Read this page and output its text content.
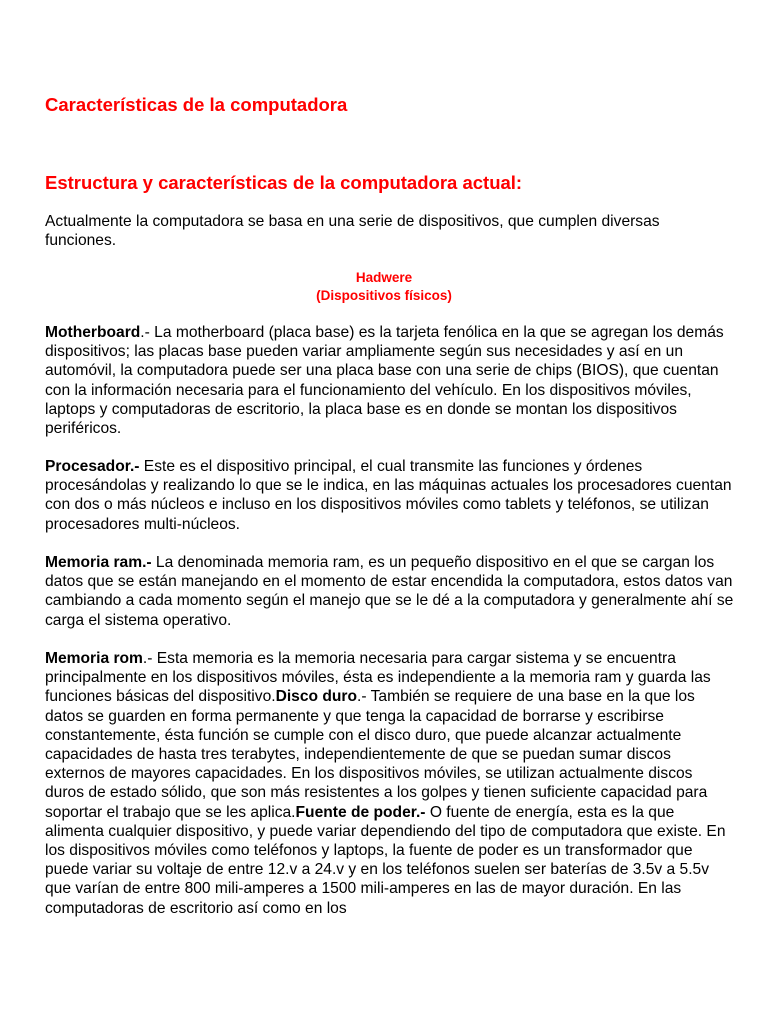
Características de la computadora
Estructura y características de la computadora actual:
Actualmente la computadora se basa en una serie de dispositivos, que cumplen diversas funciones.
Hadwere
(Dispositivos físicos)
Motherboard.- La motherboard (placa base) es la tarjeta fenólica en la que se agregan los demás dispositivos; las placas base pueden variar ampliamente según sus necesidades y así en un automóvil, la computadora puede ser una placa base con una serie de chips (BIOS), que cuentan con la información necesaria para el funcionamiento del vehículo. En los dispositivos móviles, laptops y computadoras de escritorio, la placa base es en donde se montan los dispositivos periféricos.
Procesador.- Este es el dispositivo principal, el cual transmite las funciones y órdenes procesándolas y realizando lo que se le indica, en las máquinas actuales los procesadores cuentan con dos o más núcleos e incluso en los dispositivos móviles como tablets y teléfonos, se utilizan procesadores multi-núcleos.
Memoria ram.- La denominada memoria ram, es un pequeño dispositivo en el que se cargan los datos que se están manejando en el momento de estar encendida la computadora, estos datos van cambiando a cada momento según el manejo que se le dé a la computadora y generalmente ahí se carga el sistema operativo.
Memoria rom.- Esta memoria es la memoria necesaria para cargar sistema y se encuentra principalmente en los dispositivos móviles, ésta es independiente a la memoria ram y guarda las funciones básicas del dispositivo.Disco duro.- También se requiere de una base en la que los datos se guarden en forma permanente y que tenga la capacidad de borrarse y escribirse constantemente, ésta función se cumple con el disco duro, que puede alcanzar actualmente capacidades de hasta tres terabytes, independientemente de que se puedan sumar discos externos de mayores capacidades. En los dispositivos móviles, se utilizan actualmente discos duros de estado sólido, que son más resistentes a los golpes y tienen suficiente capacidad para soportar el trabajo que se les aplica.Fuente de poder.- O fuente de energía, esta es la que alimenta cualquier dispositivo, y puede variar dependiendo del tipo de computadora que existe. En los dispositivos móviles como teléfonos y laptops, la fuente de poder es un transformador que puede variar su voltaje de entre 12.v a 24.v y en los teléfonos suelen ser baterías de 3.5v a 5.5v que varían de entre 800 mili-amperes a 1500 mili-amperes en las de mayor duración. En las computadoras de escritorio así como en los
